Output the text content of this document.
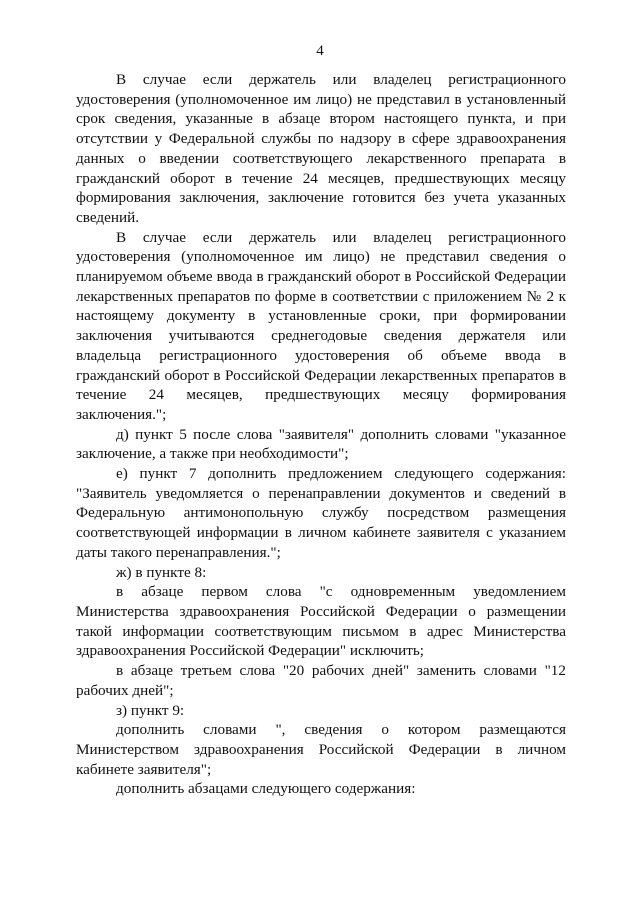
4

В случае если держатель или владелец регистрационного удостоверения (уполномоченное им лицо) не представил в установленный срок сведения, указанные в абзаце втором настоящего пункта, и при отсутствии у Федеральной службы по надзору в сфере здравоохранения данных о введении соответствующего лекарственного препарата в гражданский оборот в течение 24 месяцев, предшествующих месяцу формирования заключения, заключение готовится без учета указанных сведений.

В случае если держатель или владелец регистрационного удостоверения (уполномоченное им лицо) не представил сведения о планируемом объеме ввода в гражданский оборот в Российской Федерации лекарственных препаратов по форме в соответствии с приложением № 2 к настоящему документу в установленные сроки, при формировании заключения учитываются среднегодовые сведения держателя или владельца регистрационного удостоверения об объеме ввода в гражданский оборот в Российской Федерации лекарственных препаратов в течение 24 месяцев, предшествующих месяцу формирования заключения.";

д) пункт 5 после слова "заявителя" дополнить словами "указанное заключение, а также при необходимости";

е) пункт 7 дополнить предложением следующего содержания: "Заявитель уведомляется о перенаправлении документов и сведений в Федеральную антимонопольную службу посредством размещения соответствующей информации в личном кабинете заявителя с указанием даты такого перенаправления.";

ж) в пункте 8:

в абзаце первом слова "с одновременным уведомлением Министерства здравоохранения Российской Федерации о размещении такой информации соответствующим письмом в адрес Министерства здравоохранения Российской Федерации" исключить;

в абзаце третьем слова "20 рабочих дней" заменить словами "12 рабочих дней";

з) пункт 9:

дополнить словами ", сведения о котором размещаются Министерством здравоохранения Российской Федерации в личном кабинете заявителя";

дополнить абзацами следующего содержания:
